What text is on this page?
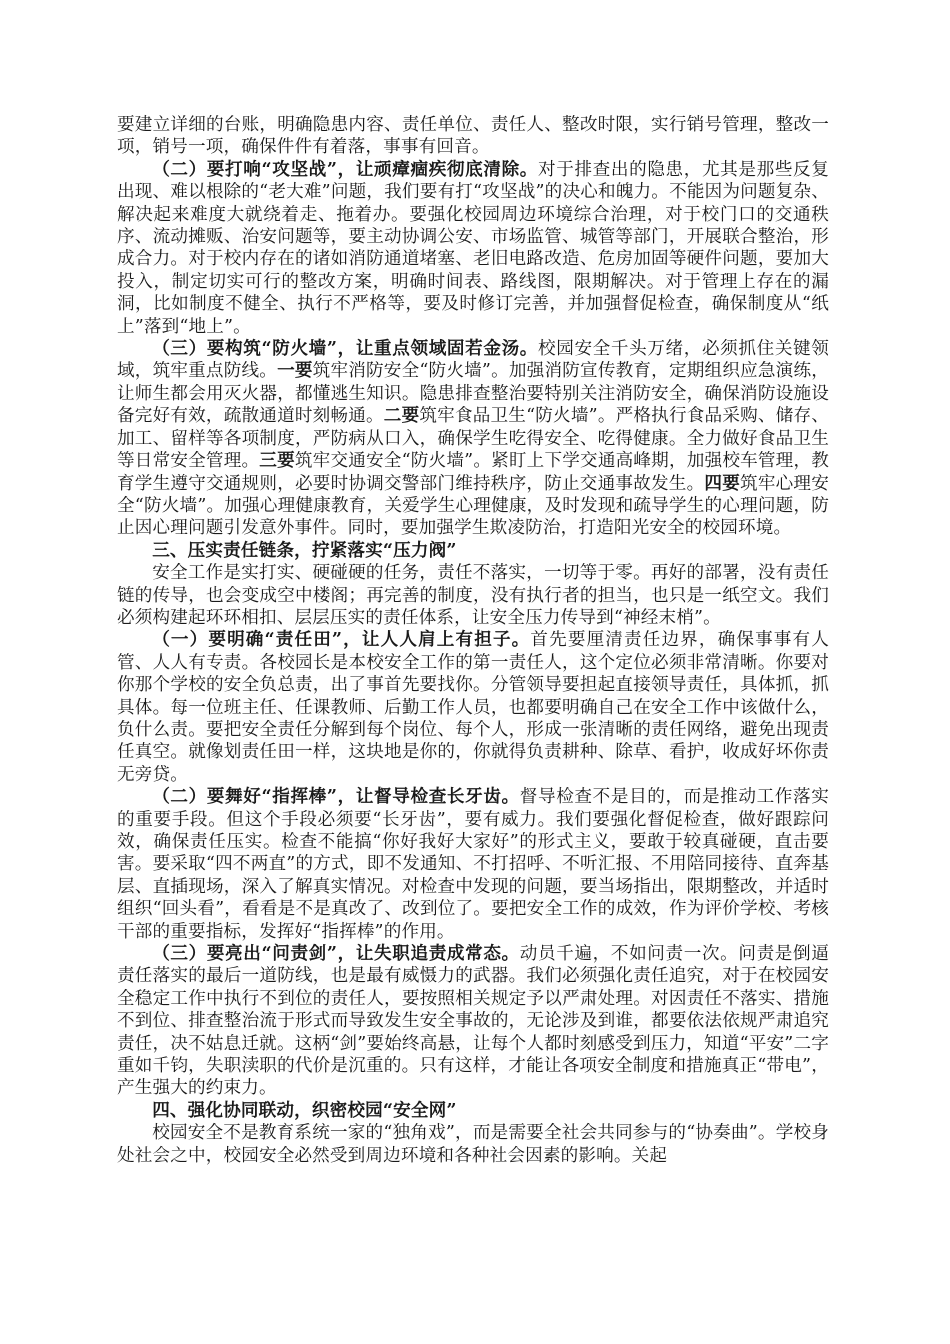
要建立详细的台账，明确隐患内容、责任单位、责任人、整改时限，实行销号管理，整改一项，销号一项，确保件件有着落，事事有回音。

（二）要打响“攻坚战”，让顽瘴痼疾彻底清除。对于排查出的隐患，尤其是那些反复出现、难以根除的“老大难”问题，我们要有打“攻坚战”的决心和魄力。不能因为问题复杂、解决起来难度大就绕着走、拖着办。要强化校园周边环境综合治理，对于校门口的交通秩序、流动摊贩、治安问题等，要主动协调公安、市场监管、城管等部门，开展联合整治，形成合力。对于校内存在的诸如消防通道堵塞、老旧电路改造、危房加固等硬件问题，要加大投入，制定切实可行的整改方案，明确时间表、路线图，限期解决。对于管理上存在的漏洞，比如制度不健全、执行不严格等，要及时修订完善，并加强督促检查，确保制度从“纸上”落到“地上”。

（三）要构筑“防火墙”，让重点领域固若金汤。校园安全千头万绪，必须抓住关键领域，筑牢重点防线。一要筑牢消防安全“防火墙”。加强消防宣传教育，定期组织应急演练，让师生都会用灭火器，都懂逃生知识。隐患排查整治要特别关注消防安全，确保消防设施设备完好有效，疏散通道时刻畅通。二要筑牢食品卫生“防火墙”。严格执行食品采购、储存、加工、留样等各项制度，严防病从口入，确保学生吃得安全、吃得健康。全力做好食品卫生等日常安全管理。三要筑牢交通安全“防火墙”。紧盯上下学交通高峰期，加强校车管理，教育学生遵守交通规则，必要时协调交警部门维持秩序，防止交通事故发生。四要筑牢心理安全“防火墙”。加强心理健康教育，关爱学生心理健康，及时发现和疏导学生的心理问题，防止因心理问题引发意外事件。同时，要加强学生欺凌防治，打造阳光安全的校园环境。

三、压实责任链条，拧紧落实“压力阀”

安全工作是实打实、硬碰硬的任务，责任不落实，一切等于零。再好的部署，没有责任链的传导，也会变成空中楼阁；再完善的制度，没有执行者的担当，也只是一纸空文。我们必须构建起环环相扣、层层压实的责任体系，让安全压力传导到“神经末梢”。

（一）要明确“责任田”，让人人肩上有担子。首先要厘清责任边界，确保事事有人管、人人有专责。各校园长是本校安全工作的第一责任人，这个定位必须非常清晰。你要对你那个学校的安全负总责，出了事首先要找你。分管领导要担起直接领导责任，具体抓，抓具体。每一位班主任、任课教师、后勤工作人员，也都要明确自己在安全工作中该做什么，负什么责。要把安全责任分解到每个岗位、每个人，形成一张清晰的责任网络，避免出现责任真空。就像划责任田一样，这块地是你的，你就得负责耕种、除草、看护，收成好坏你责无旁贷。

（二）要舞好“指挥棒”，让督导检查长牙齿。督导检查不是目的，而是推动工作落实的重要手段。但这个手段必须要“长牙齿”，要有威力。我们要强化督促检查，做好跟踪问效，确保责任压实。检查不能搞“你好我好大家好”的形式主义，要敢于较真碰硬，直击要害。要采取“四不两直”的方式，即不发通知、不打招呼、不听汇报、不用陪同接待、直奔基层、直插现场，深入了解真实情况。对检查中发现的问题，要当场指出，限期整改，并适时组织“回头看”，看看是不是真改了、改到位了。要把安全工作的成效，作为评价学校、考核干部的重要指标，发挥好“指挥棒”的作用。

（三）要亮出“问责剑”，让失职追责成常态。动员千遍，不如问责一次。问责是倒逼责任落实的最后一道防线，也是最有威慑力的武器。我们必须强化责任追究，对于在校园安全稳定工作中执行不到位的责任人，要按照相关规定予以严肃处理。对因责任不落实、措施不到位、排查整治流于形式而导致发生安全事故的，无论涉及到谁，都要依法依规严肃追究责任，决不姑息迁就。这柄“剑”要始终高悬，让每个人都时刻感受到压力，知道“平安”二字重如千钧，失职渎职的代价是沉重的。只有这样，才能让各项安全制度和措施真正“带电”，产生强大的约束力。

四、强化协同联动，织密校园“安全网”

校园安全不是教育系统一家的“独角戏”，而是需要全社会共同参与的“协奏曲”。学校身处社会之中，校园安全必然受到周边环境和各种社会因素的影响。关起
